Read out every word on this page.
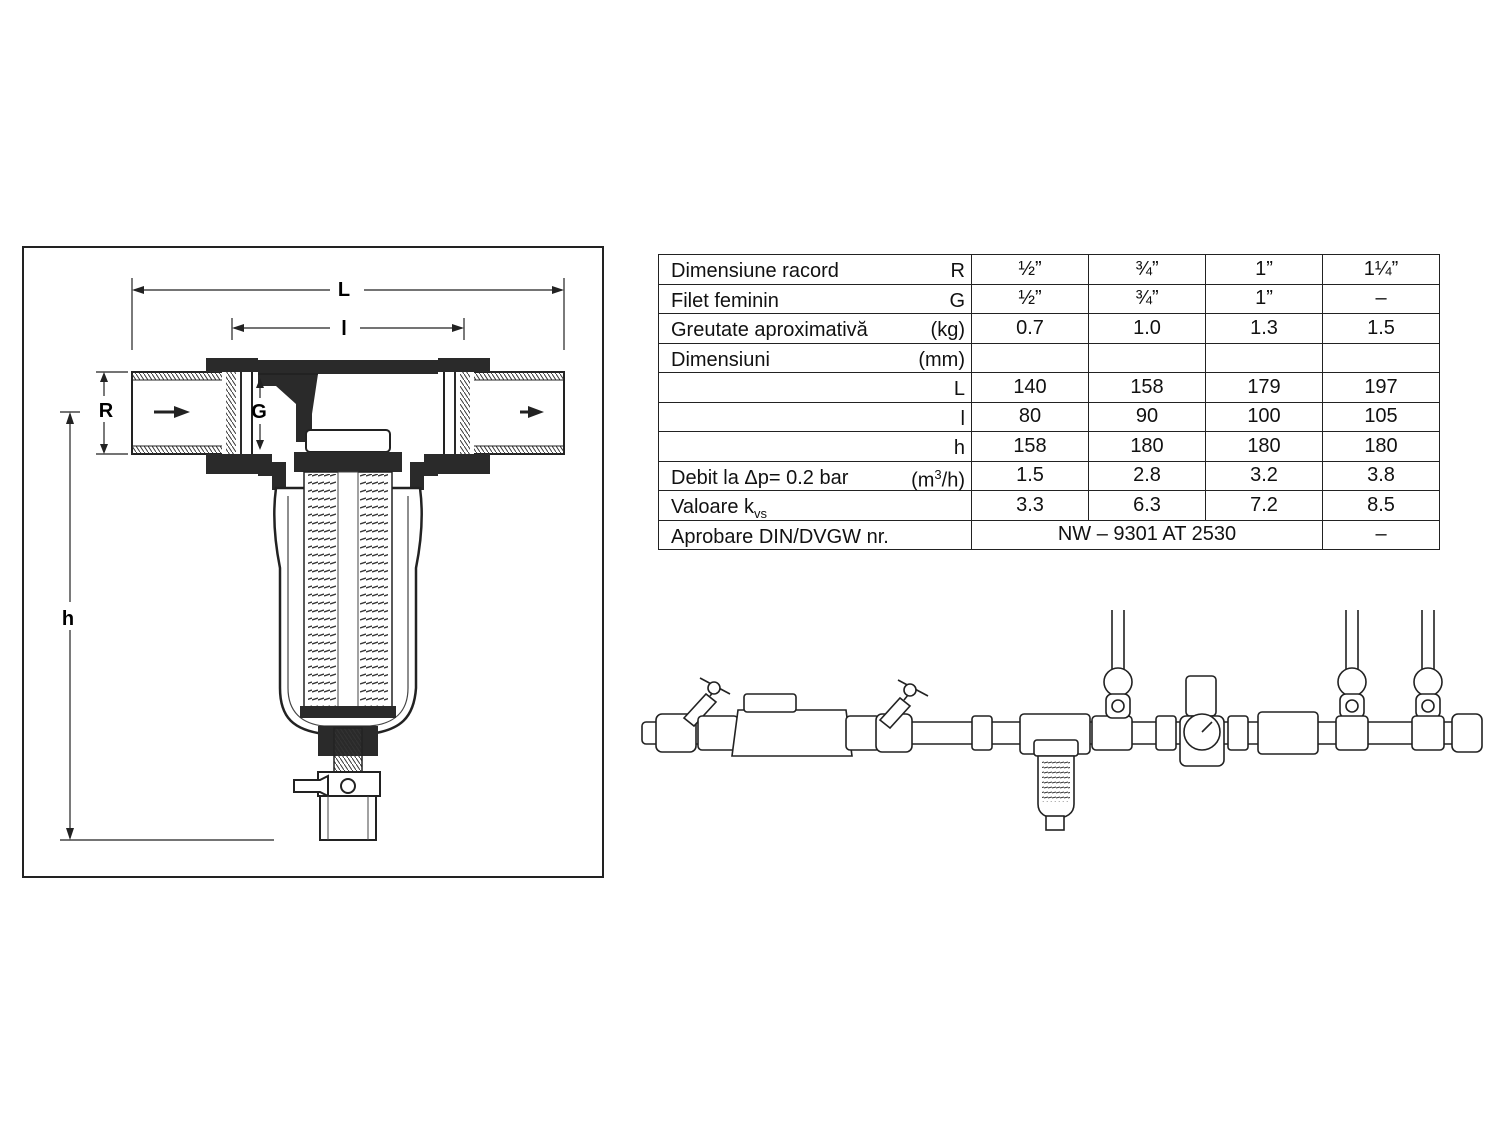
L
l
R
h
G
Dimensiune racord R	½”	¾”	1”	1¼”

Filet feminin G	½”	¾”	1”	–

Greutate aproximativă (kg)	0.7	1.0	1.3	1.5

Dimensiuni (mm)				

L	140	158	179	197

l	80	90	100	105

h	158	180	180	180

Debit la Δp= 0.2 bar $(m^3/h)$	1.5	2.8	3.2	3.8

Valoare $k_{vs}$	3.3	6.3	7.2	8.5

Aprobare DIN/DVGW nr.	NW – 9301 AT 2530			–
